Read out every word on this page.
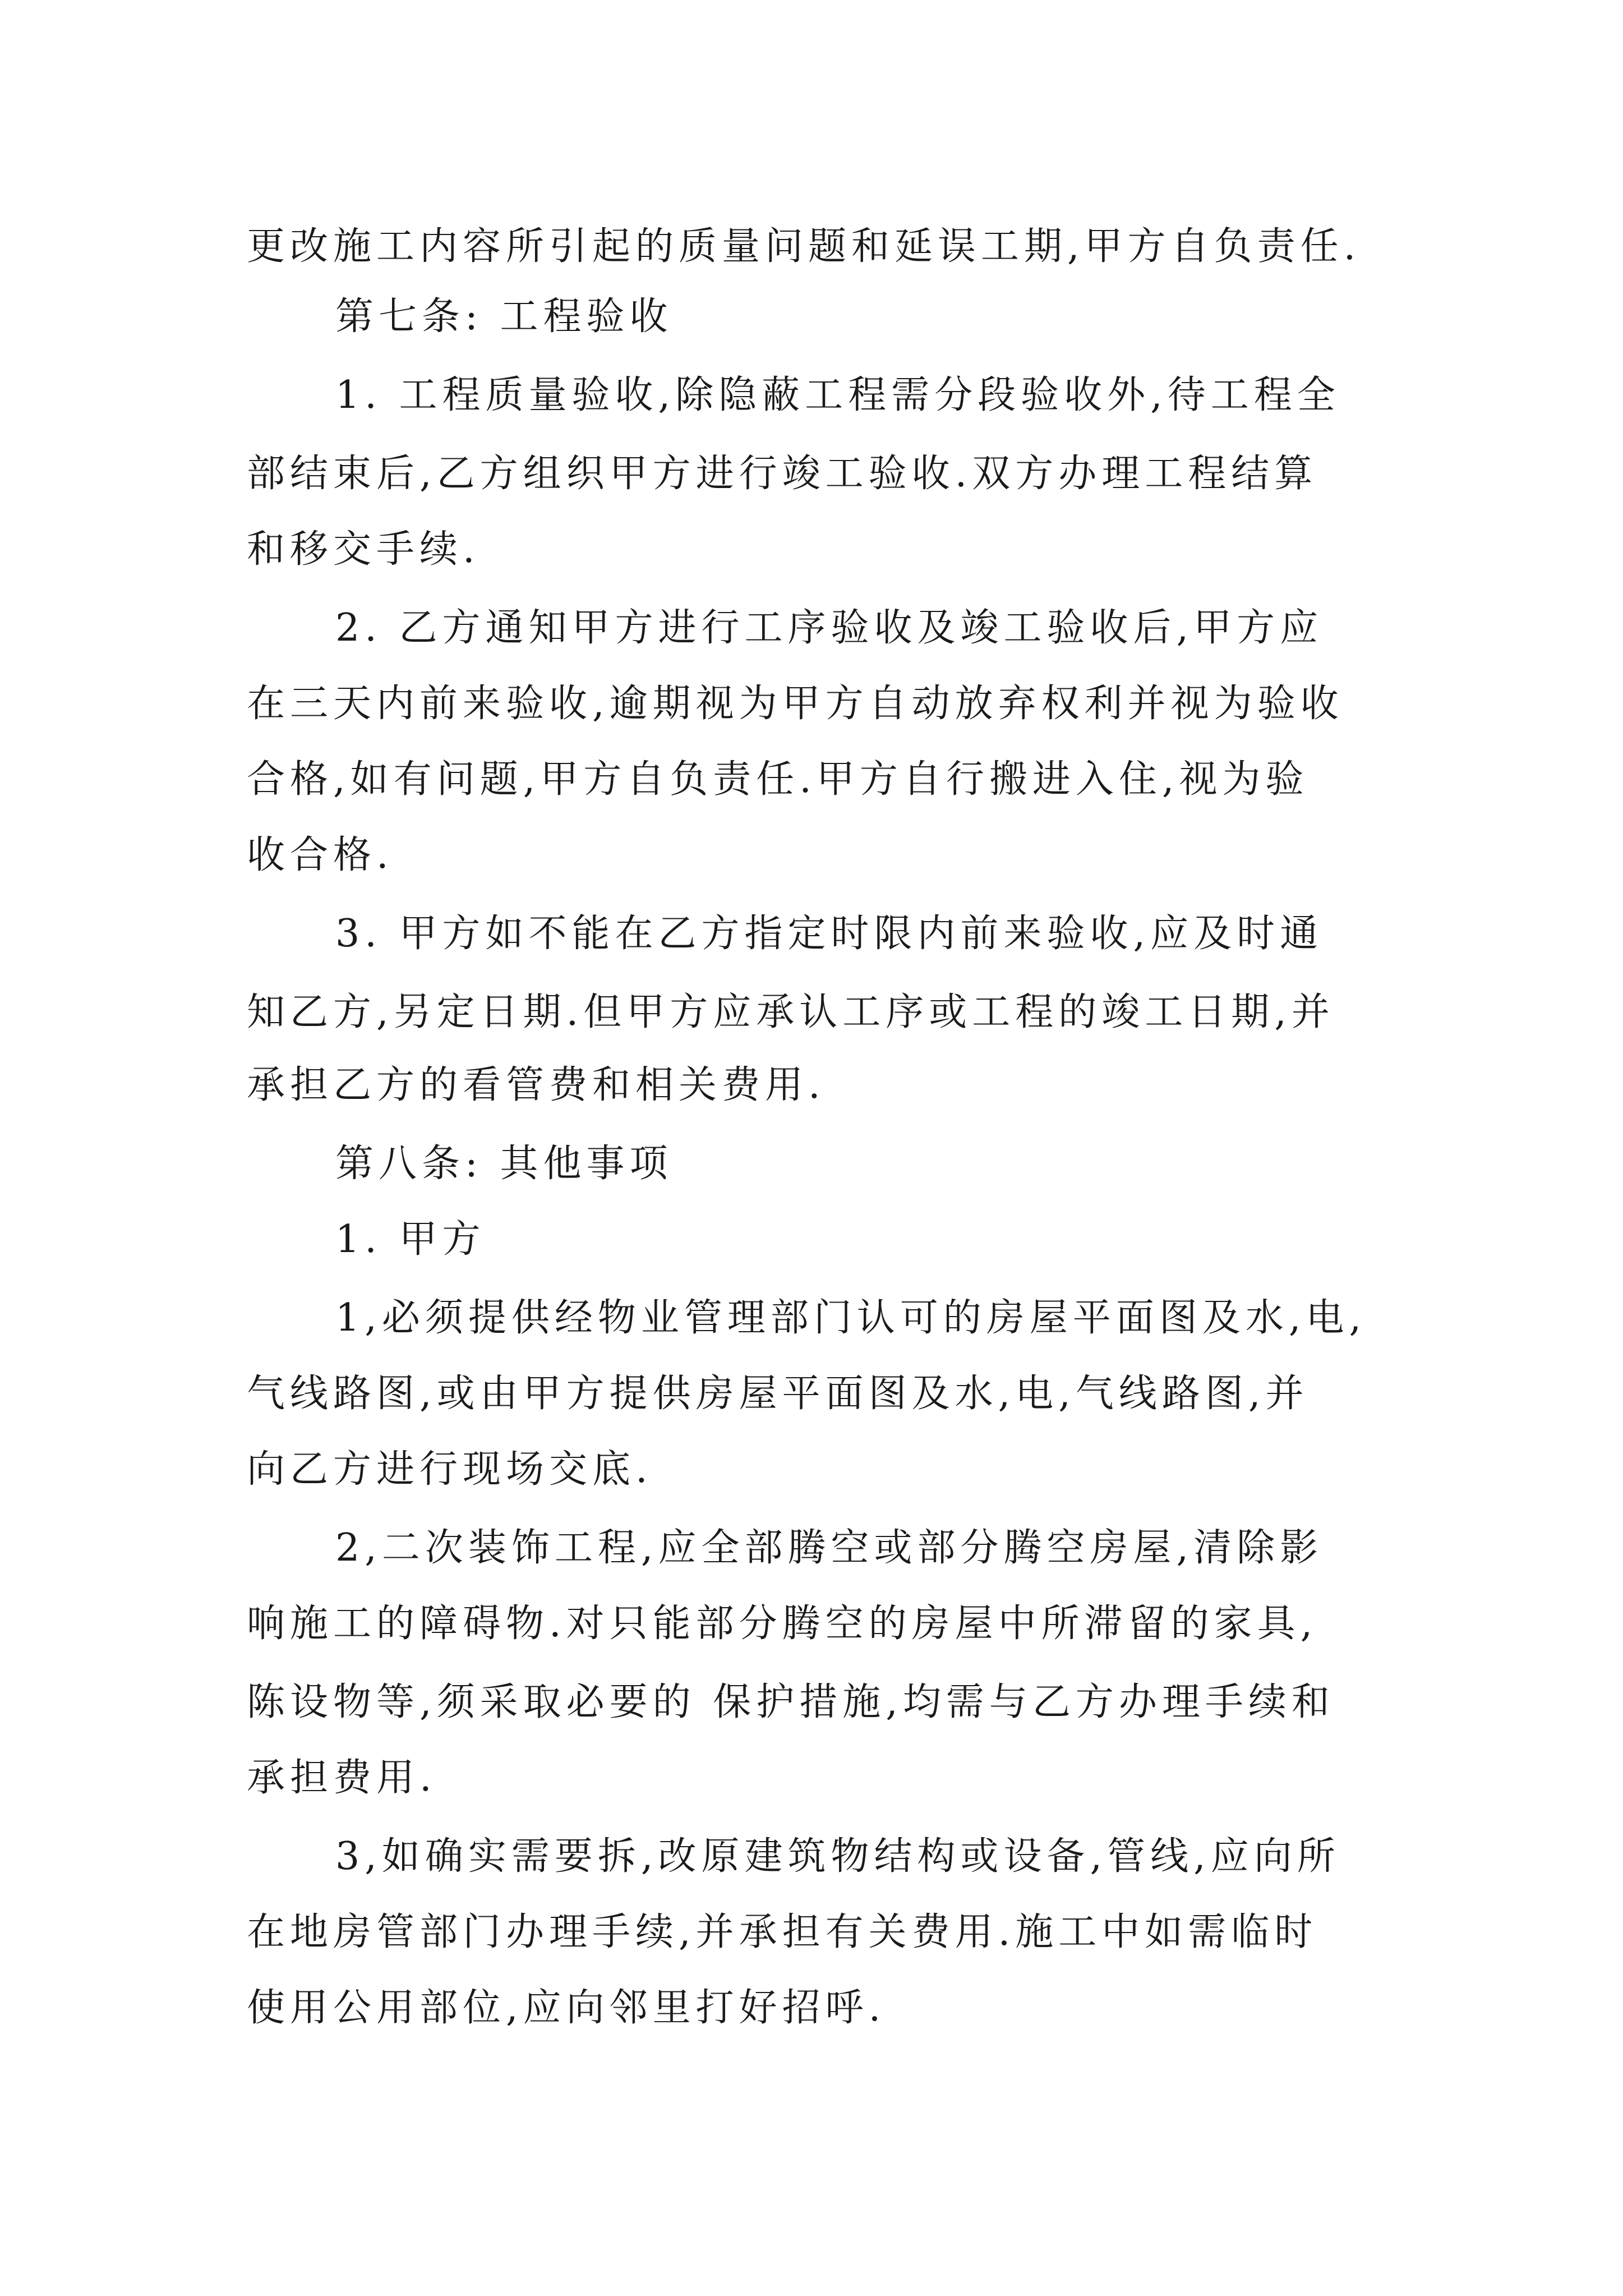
更改施工内容所引起的质量问题和延误工期,甲方自负责任.
第七条: 工程验收
1. 工程质量验收,除隐蔽工程需分段验收外,待工程全
部结束后,乙方组织甲方进行竣工验收.双方办理工程结算
和移交手续.
2. 乙方通知甲方进行工序验收及竣工验收后,甲方应
在三天内前来验收,逾期视为甲方自动放弃权利并视为验收
合格,如有问题,甲方自负责任.甲方自行搬进入住,视为验
收合格.
3. 甲方如不能在乙方指定时限内前来验收,应及时通
知乙方,另定日期.但甲方应承认工序或工程的竣工日期,并
承担乙方的看管费和相关费用.
第八条: 其他事项
1. 甲方
1,必须提供经物业管理部门认可的房屋平面图及水,电,
气线路图,或由甲方提供房屋平面图及水,电,气线路图,并
向乙方进行现场交底.
2,二次装饰工程,应全部腾空或部分腾空房屋,清除影
响施工的障碍物.对只能部分腾空的房屋中所滞留的家具,
陈设物等,须采取必要的 保护措施,均需与乙方办理手续和
承担费用.
3,如确实需要拆,改原建筑物结构或设备,管线,应向所
在地房管部门办理手续,并承担有关费用.施工中如需临时
使用公用部位,应向邻里打好招呼.
